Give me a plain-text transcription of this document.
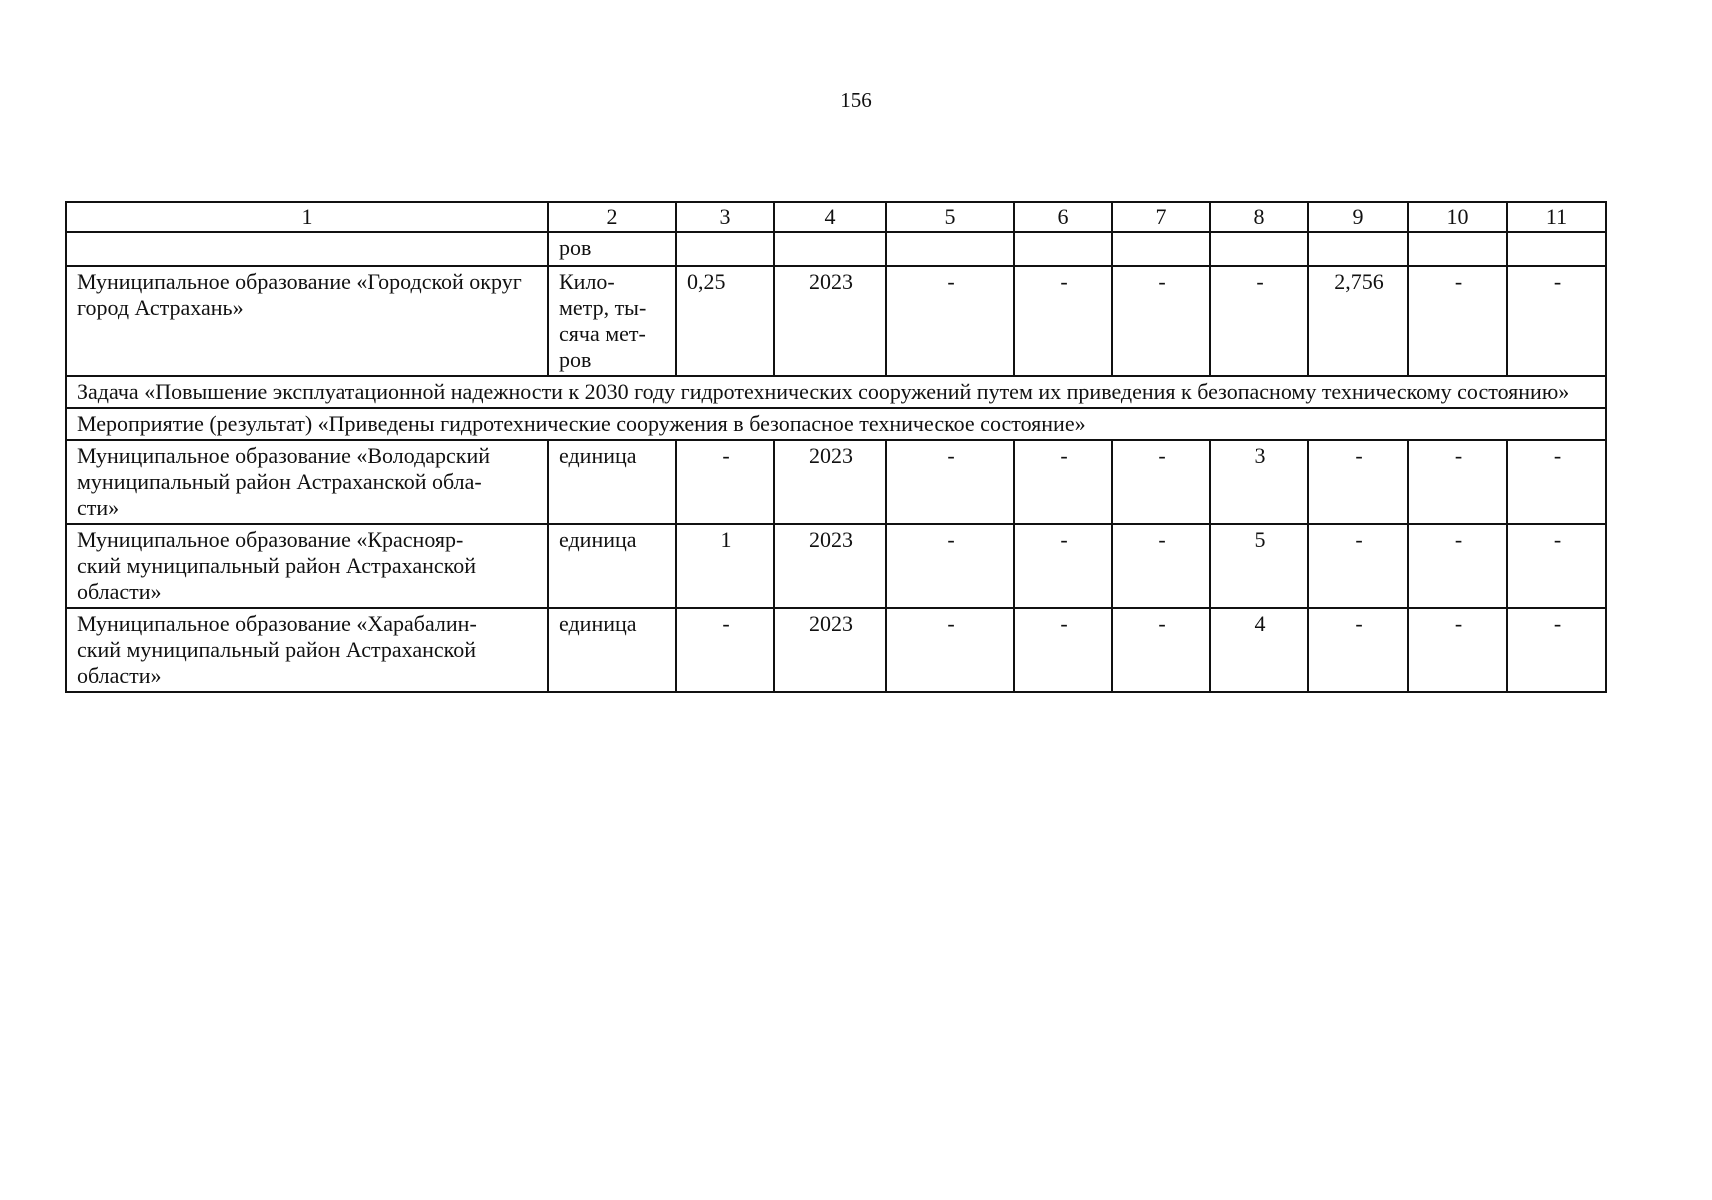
156
1	2	3	4	5	6	7	8	9	10	11
	ров									
Муниципальное образование «Городской округ город Астрахань»	Кило-
метр, ты-
сяча мет-
ров	0,25	2023	-	-	-	-	2,756	-	-
Задача «Повышение эксплуатационной надежности к 2030 году гидротехнических сооружений путем их приведения к безопасному техническому состоянию»										
Мероприятие (результат) «Приведены гидротехнические сооружения в безопасное техническое состояние»										
Муниципальное образование «Володарский
муниципальный район Астраханской обла-
сти»	единица	-	2023	-	-	-	3	-	-	-
Муниципальное образование «Краснояр-
ский муниципальный район Астраханской
области»	единица	1	2023	-	-	-	5	-	-	-
Муниципальное образование «Харабалин-
ский муниципальный район Астраханской
области»	единица	-	2023	-	-	-	4	-	-	-
